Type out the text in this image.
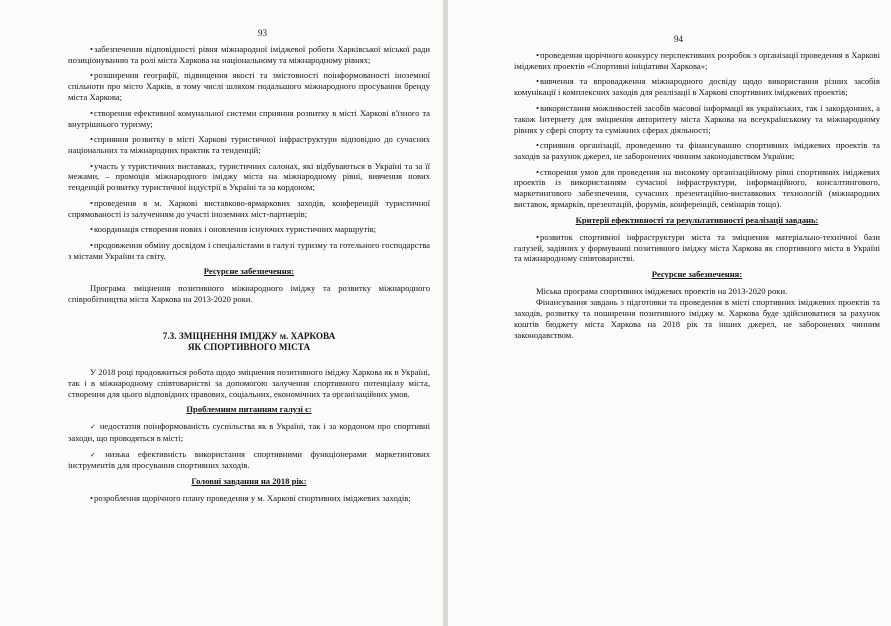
93

• забезпечення відповідності рівня міжнародної іміджевої роботи Харківської міської ради позиціонуванню та ролі міста Харкова на національному та міжнародному рівнях;

• розширення географії, підвищення якості та змістовності поінформованості іноземної спільноти про місто Харків, в тому числі шляхом подальшого міжнародного просування бренду міста Харкова;

• створення ефективної комунальної системи сприяння розвитку в місті Харкові в'їзного та внутрішнього туризму;

• сприяння розвитку в місті Харкові туристичної інфраструктури відповідно до сучасних національних та міжнародних практик та тенденцій;

• участь у туристичних виставках, туристичних салонах, які відбуваються в Україні та за її межами, – промоція міжнародного іміджу міста на міжнародному рівні, вивчення нових тенденцій розвитку туристичної індустрії в Україні та за кордоном;

• проведення в м. Харкові виставково-ярмаркових заходів, конференцій туристичної спрямованості із залученням до участі іноземних міст-партнерів;

• координація створення нових і оновлення існуючих туристичних маршрутів;

• продовження обміну досвідом і спеціалістами в галузі туризму та готельного господарства з містами України та світу.

Ресурсне забезпечення:

Програма зміцнення позитивного міжнародного іміджу та розвитку міжнародного співробітництва міста Харкова на 2013-2020 роки.

7.3. ЗМІЦНЕННЯ ІМІДЖУ м. ХАРКОВА
ЯК СПОРТИВНОГО МІСТА

У 2018 році продовжиться робота щодо зміцнення позитивного іміджу Харкова як в Україні, так і в міжнародному співтоваристві за допомогою залучення спортивного потенціалу міста, створення для цього відповідних правових, соціальних, економічних та організаційних умов.

Проблемним питанням галузі є:

✓ недостатня поінформованість суспільства як в Україні, так і за кордоном про спортивні заходи, що проводяться в місті;

✓ низька ефективність використання спортивними функціонерами маркетингових інструментів для просування спортивних заходів.

Головні завдання на 2018 рік:

• розроблення щорічного плану проведення у м. Харкові спортивних іміджевих заходів;

94

• проведення щорічного конкурсу перспективних розробок з організації проведення в Харкові іміджевих проектів «Спортивні ініціативи Харкова»;

• вивчення та впровадження міжнародного досвіду щодо використання різних засобів комунікації і комплексних заходів для реалізації в Харкові спортивних іміджевих проектів;

• використання можливостей засобів масової інформації як українських, так і закордонних, а також Інтернету для зміцнення авторитету міста Харкова на всеукраїнському та міжнародному рівнях у сфері спорту та суміжних сферах діяльності;

• сприяння організації, проведенню та фінансуванню спортивних іміджевих проектів та заходів за рахунок джерел, не заборонених чинним законодавством України;

• створення умов для проведення на високому організаційному рівні спортивних іміджевих проектів із використанням сучасної інфраструктури, інформаційного, консалтингового, маркетингового забезпечення, сучасних презентаційно-виставкових технологій (міжнародних виставок, ярмарків, презентацій, форумів, конференцій, семінарів тощо).

Критерії ефективності та результативності реалізації завдань:

• розвиток спортивної інфраструктури міста та зміцнення матеріально-технічної бази галузей, задіяних у формуванні позитивного іміджу міста Харкова як спортивного міста в Україні та міжнародному співтоваристві.

Ресурсне забезпечення:

Міська програма спортивних іміджевих проектів на 2013-2020 роки.

Фінансування завдань з підготовки та проведення в місті спортивних іміджевих проектів та заходів, розвитку та поширення позитивного іміджу м. Харкова буде здійснюватися за рахунок коштів бюджету міста Харкова на 2018 рік та інших джерел, не заборонених чинним законодавством.
